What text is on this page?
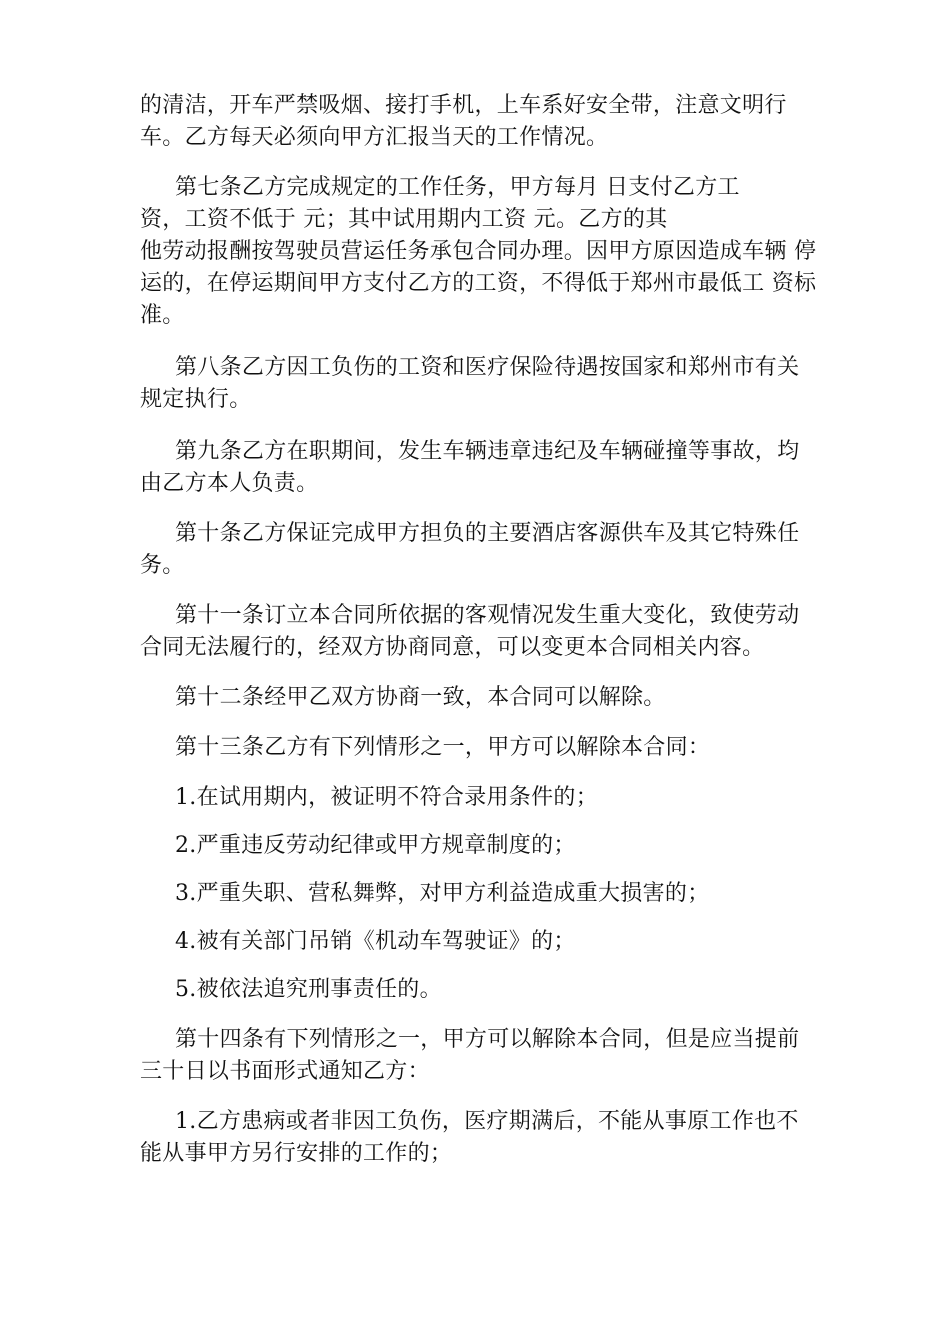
的清洁，开车严禁吸烟、接打手机，上车系好安全带，注意文明行
车。乙方每天必须向甲方汇报当天的工作情况。

第七条乙方完成规定的工作任务，甲方每月 日支付乙方工
资，工资不低于 元；其中试用期内工资 元。乙方的其
他劳动报酬按驾驶员营运任务承包合同办理。因甲方原因造成车辆 停
运的，在停运期间甲方支付乙方的工资，不得低于郑州市最低工 资标
准。

第八条乙方因工负伤的工资和医疗保险待遇按国家和郑州市有关
规定执行。

第九条乙方在职期间，发生车辆违章违纪及车辆碰撞等事故，均
由乙方本人负责。

第十条乙方保证完成甲方担负的主要酒店客源供车及其它特殊任
务。

第十一条订立本合同所依据的客观情况发生重大变化，致使劳动
合同无法履行的，经双方协商同意，可以变更本合同相关内容。

第十二条经甲乙双方协商一致，本合同可以解除。

第十三条乙方有下列情形之一，甲方可以解除本合同：

1.在试用期内，被证明不符合录用条件的；

2.严重违反劳动纪律或甲方规章制度的；

3.严重失职、营私舞弊，对甲方利益造成重大损害的；

4.被有关部门吊销《机动车驾驶证》的；

5.被依法追究刑事责任的。

第十四条有下列情形之一，甲方可以解除本合同，但是应当提前
三十日以书面形式通知乙方：

1.乙方患病或者非因工负伤，医疗期满后，不能从事原工作也不
能从事甲方另行安排的工作的；
